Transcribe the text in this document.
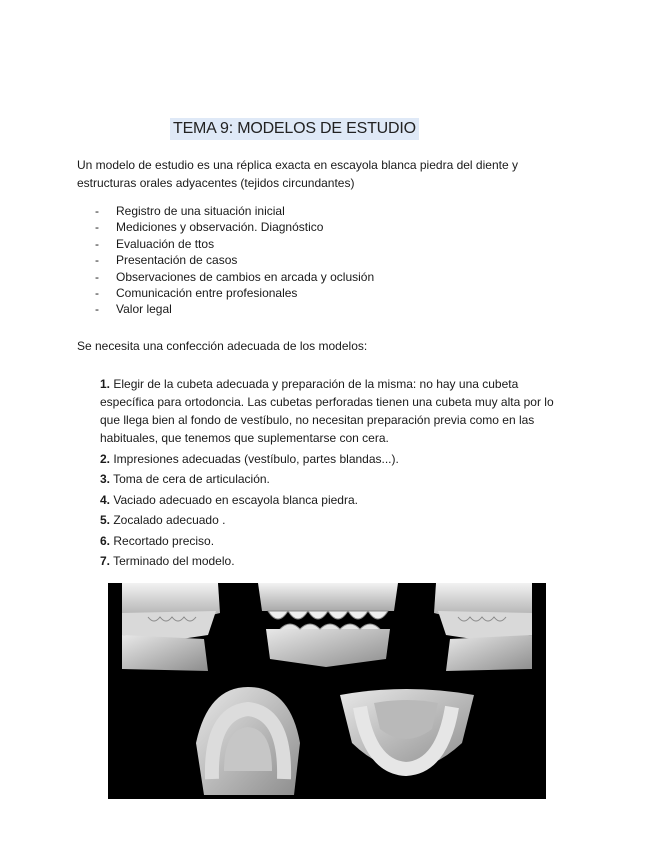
TEMA 9: MODELOS DE ESTUDIO
Un modelo de estudio es una réplica exacta en escayola blanca piedra del diente y estructuras orales adyacentes (tejidos circundantes)
- Registro de una situación inicial
- Mediciones y observación. Diagnóstico
- Evaluación de ttos
- Presentación de casos
- Observaciones de cambios en arcada y oclusión
- Comunicación entre profesionales
- Valor legal
Se necesita una confección adecuada de los modelos:
1. Elegir de la cubeta adecuada y preparación de la misma: no hay una cubeta específica para ortodoncia. Las cubetas perforadas tienen una cubeta muy alta por lo que llega bien al fondo de vestíbulo, no necesitan preparación previa como en las habituales, que tenemos que suplementarse con cera.
2. Impresiones adecuadas (vestíbulo, partes blandas...).
3. Toma de cera de articulación.
4. Vaciado adecuado en escayola blanca piedra.
5. Zocalado adecuado .
6. Recortado preciso.
7. Terminado del modelo.
